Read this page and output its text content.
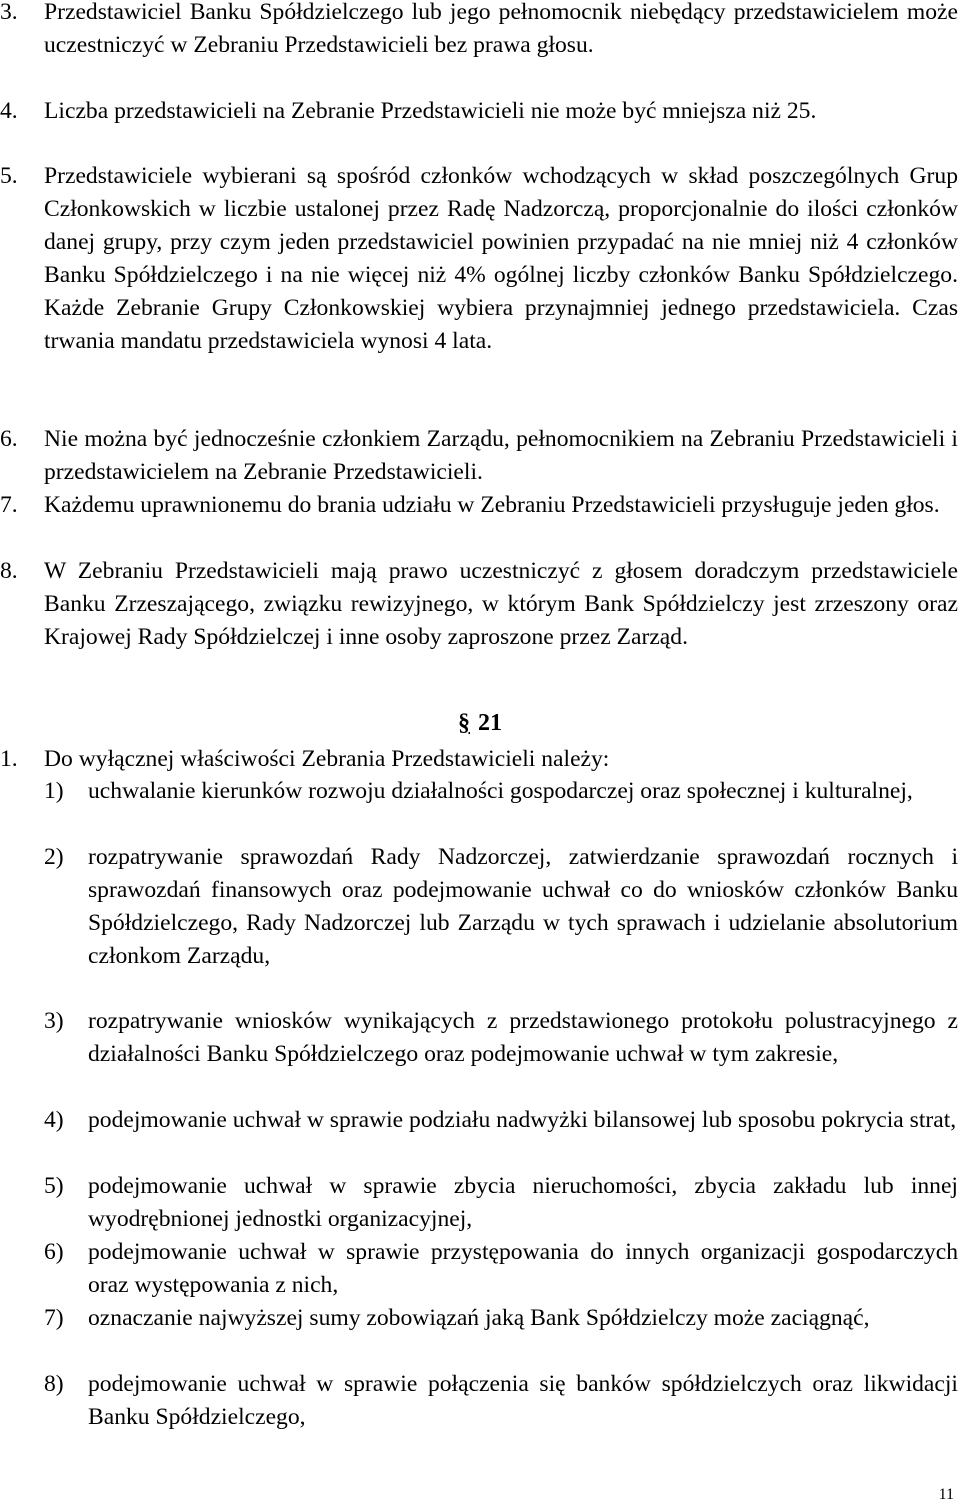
3. Przedstawiciel Banku Spółdzielczego lub jego pełnomocnik niebędący przedstawicielem może uczestniczyć w Zebraniu Przedstawicieli bez prawa głosu.
4. Liczba przedstawicieli na Zebranie Przedstawicieli nie może być mniejsza niż 25.
5. Przedstawiciele wybierani są spośród członków wchodzących w skład poszczególnych Grup Członkowskich w liczbie ustalonej przez Radę Nadzorczą, proporcjonalnie do ilości członków danej grupy, przy czym jeden przedstawiciel powinien przypadać na nie mniej niż 4 członków Banku Spółdzielczego i na nie więcej niż 4% ogólnej liczby członków Banku Spółdzielczego. Każde Zebranie Grupy Członkowskiej wybiera przynajmniej jednego przedstawiciela. Czas trwania mandatu przedstawiciela wynosi 4 lata.
6. Nie można być jednocześnie członkiem Zarządu, pełnomocnikiem na Zebraniu Przedstawicieli i przedstawicielem na Zebranie Przedstawicieli.
7. Każdemu uprawnionemu do brania udziału w Zebraniu Przedstawicieli przysługuje jeden głos.
8. W Zebraniu Przedstawicieli mają prawo uczestniczyć z głosem doradczym przedstawiciele Banku Zrzeszającego, związku rewizyjnego, w którym Bank Spółdzielczy jest zrzeszony oraz Krajowej Rady Spółdzielczej i inne osoby zaproszone przez Zarząd.
§ 21
1. Do wyłącznej właściwości Zebrania Przedstawicieli należy:
1) uchwalanie kierunków rozwoju działalności gospodarczej oraz społecznej i kulturalnej,
2) rozpatrywanie sprawozdań Rady Nadzorczej, zatwierdzanie sprawozdań rocznych i sprawozdań finansowych oraz podejmowanie uchwał co do wniosków członków Banku Spółdzielczego, Rady Nadzorczej lub Zarządu w tych sprawach i udzielanie absolutorium członkom Zarządu,
3) rozpatrywanie wniosków wynikających z przedstawionego protokołu polustracyjnego z działalności Banku Spółdzielczego oraz podejmowanie uchwał w tym zakresie,
4) podejmowanie uchwał w sprawie podziału nadwyżki bilansowej lub sposobu pokrycia strat,
5) podejmowanie uchwał w sprawie zbycia nieruchomości, zbycia zakładu lub innej wyodrębnionej jednostki organizacyjnej,
6) podejmowanie uchwał w sprawie przystępowania do innych organizacji gospodarczych oraz występowania z nich,
7) oznaczanie najwyższej sumy zobowiązań jaką Bank Spółdzielczy może zaciągnąć,
8) podejmowanie uchwał w sprawie połączenia się banków spółdzielczych oraz likwidacji Banku Spółdzielczego,
11
